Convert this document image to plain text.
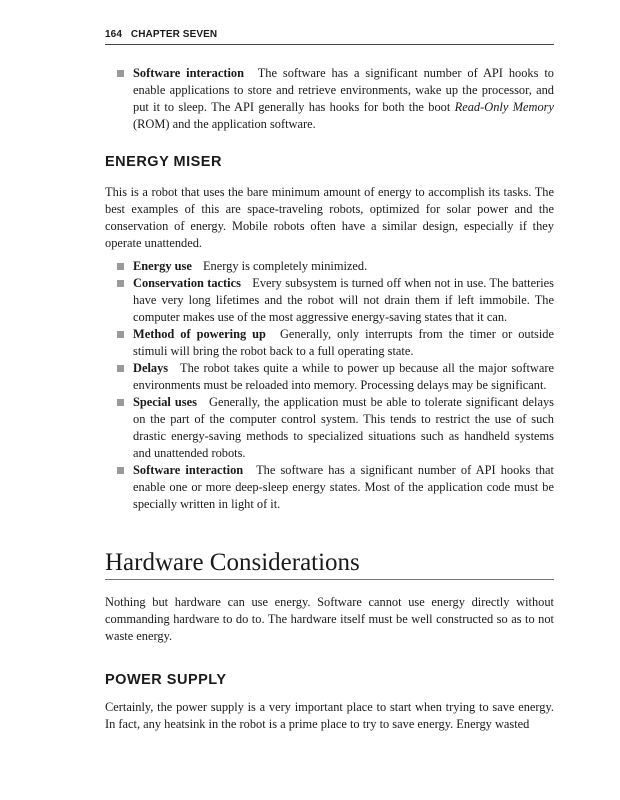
164 CHAPTER SEVEN
Software interaction The software has a significant number of API hooks to enable applications to store and retrieve environments, wake up the processor, and put it to sleep. The API generally has hooks for both the boot Read-Only Memory (ROM) and the application software.
ENERGY MISER

This is a robot that uses the bare minimum amount of energy to accomplish its tasks. The best examples of this are space-traveling robots, optimized for solar power and the conservation of energy. Mobile robots often have a similar design, especially if they operate unattended.

Energy use Energy is completely minimized.
Conservation tactics Every subsystem is turned off when not in use. The batteries have very long lifetimes and the robot will not drain them if left immobile. The computer makes use of the most aggressive energy-saving states that it can.
Method of powering up Generally, only interrupts from the timer or outside stimuli will bring the robot back to a full operating state.
Delays The robot takes quite a while to power up because all the major software environments must be reloaded into memory. Processing delays may be significant.
Special uses Generally, the application must be able to tolerate significant delays on the part of the computer control system. This tends to restrict the use of such drastic energy-saving methods to specialized situations such as handheld systems and unattended robots.
Software interaction The software has a significant number of API hooks that enable one or more deep-sleep energy states. Most of the application code must be specially written in light of it.
Hardware Considerations

Nothing but hardware can use energy. Software cannot use energy directly without commanding hardware to do to. The hardware itself must be well constructed so as to not waste energy.

POWER SUPPLY

Certainly, the power supply is a very important place to start when trying to save energy. In fact, any heatsink in the robot is a prime place to try to save energy. Energy wasted
